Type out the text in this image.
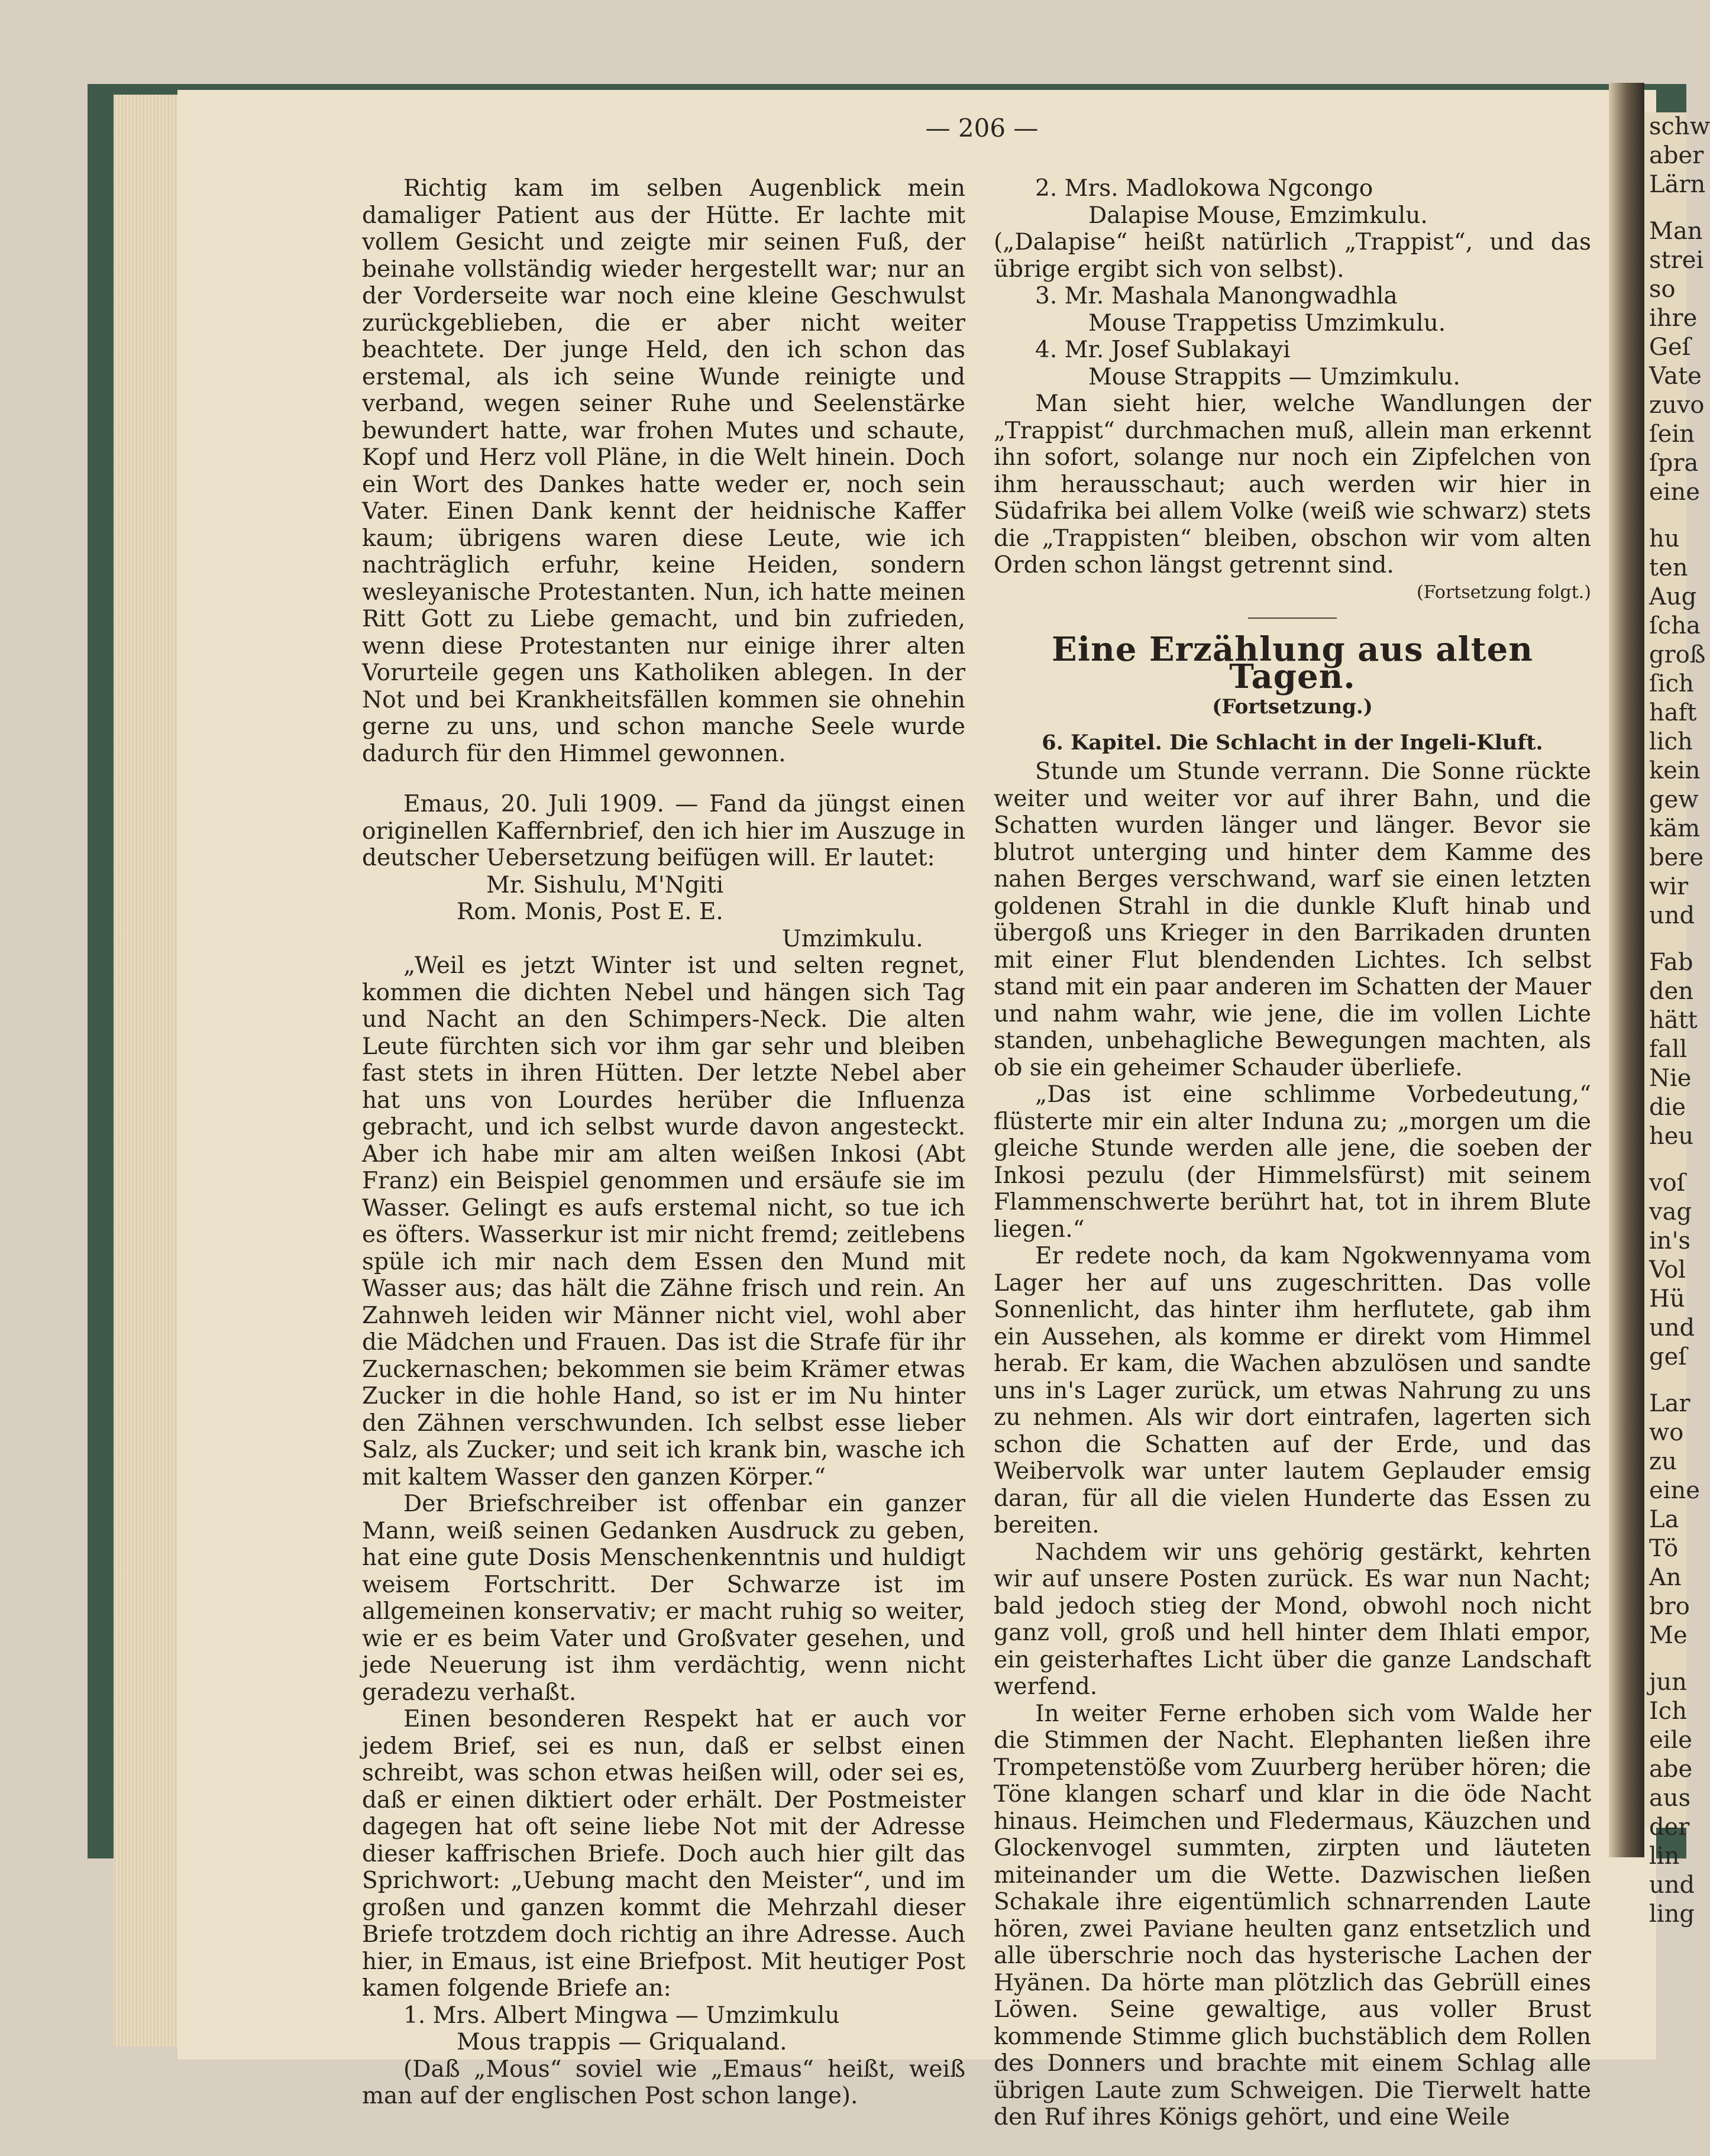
schw
aber
Lärn
Man
strei
so
ihre
Geſ
Vate
zuvo
ſein
ſpra
eine
hu
ten
Aug
ſcha
groß
ſich
haft
lich
kein
gew
käm
bere
wir
und
Fab
den
hätt
fall
Nie
die
heu
voſ
vag
in's
Vol
Hü
und
geſ
Lar
wo
zu
eine
La
Tö
An
bro
Me
jun
Ich
eile
abe
aus
der
lin
und
ling
— 206 —

Richtig kam im selben Augenblick mein damaliger Patient aus der Hütte. Er lachte mit vollem Gesicht und zeigte mir seinen Fuß, der beinahe vollständig wieder hergestellt war; nur an der Vorderseite war noch eine kleine Geschwulst zurückgeblieben, die er aber nicht weiter beachtete. Der junge Held, den ich schon das erstemal, als ich seine Wunde reinigte und verband, wegen seiner Ruhe und Seelenstärke bewundert hatte, war frohen Mutes und schaute, Kopf und Herz voll Pläne, in die Welt hinein. Doch ein Wort des Dankes hatte weder er, noch sein Vater. Einen Dank kennt der heidnische Kaffer kaum; übrigens waren diese Leute, wie ich nachträglich erfuhr, keine Heiden, sondern wesleyanische Protestanten. Nun, ich hatte meinen Ritt Gott zu Liebe gemacht, und bin zufrieden, wenn diese Protestanten nur einige ihrer alten Vorurteile gegen uns Katholiken ablegen. In der Not und bei Krankheitsfällen kommen sie ohnehin gerne zu uns, und schon manche Seele wurde dadurch für den Himmel gewonnen.

Emaus, 20. Juli 1909. — Fand da jüngst einen originellen Kaffernbrief, den ich hier im Auszuge in deutscher Uebersetzung beifügen will. Er lautet:

Mr. Sishulu, M'Ngiti

Rom. Monis, Post E. E.

Umzimkulu.

„Weil es jetzt Winter ist und selten regnet, kommen die dichten Nebel und hängen sich Tag und Nacht an den Schimpers-Neck. Die alten Leute fürchten sich vor ihm gar sehr und bleiben fast stets in ihren Hütten. Der letzte Nebel aber hat uns von Lourdes herüber die Influenza gebracht, und ich selbst wurde davon angesteckt. Aber ich habe mir am alten weißen Inkosi (Abt Franz) ein Beispiel genommen und ersäufe sie im Wasser. Gelingt es aufs erstemal nicht, so tue ich es öfters. Wasserkur ist mir nicht fremd; zeitlebens spüle ich mir nach dem Essen den Mund mit Wasser aus; das hält die Zähne frisch und rein. An Zahnweh leiden wir Männer nicht viel, wohl aber die Mädchen und Frauen. Das ist die Strafe für ihr Zuckernaschen; bekommen sie beim Krämer etwas Zucker in die hohle Hand, so ist er im Nu hinter den Zähnen verschwunden. Ich selbst esse lieber Salz, als Zucker; und seit ich krank bin, wasche ich mit kaltem Wasser den ganzen Körper.“

Der Briefschreiber ist offenbar ein ganzer Mann, weiß seinen Gedanken Ausdruck zu geben, hat eine gute Dosis Menschenkenntnis und huldigt weisem Fortschritt. Der Schwarze ist im allgemeinen konservativ; er macht ruhig so weiter, wie er es beim Vater und Großvater gesehen, und jede Neuerung ist ihm verdächtig, wenn nicht geradezu verhaßt.

Einen besonderen Respekt hat er auch vor jedem Brief, sei es nun, daß er selbst einen schreibt, was schon etwas heißen will, oder sei es, daß er einen diktiert oder erhält. Der Postmeister dagegen hat oft seine liebe Not mit der Adresse dieser kaffrischen Briefe. Doch auch hier gilt das Sprichwort: „Uebung macht den Meister“, und im großen und ganzen kommt die Mehrzahl dieser Briefe trotzdem doch richtig an ihre Adresse. Auch hier, in Emaus, ist eine Briefpost. Mit heutiger Post kamen folgende Briefe an:

1. Mrs. Albert Mingwa — Umzimkulu

Mous trappis — Griqualand.

(Daß „Mous“ soviel wie „Emaus“ heißt, weiß man auf der englischen Post schon lange).

2. Mrs. Madlokowa Ngcongo

Dalapise Mouse, Emzimkulu.

(„Dalapise“ heißt natürlich „Trappist“, und das übrige ergibt sich von selbst).

3. Mr. Mashala Manongwadhla

Mouse Trappetiss Umzimkulu.

4. Mr. Josef Sublakayi

Mouse Strappits — Umzimkulu.

Man sieht hier, welche Wandlungen der „Trappist“ durchmachen muß, allein man erkennt ihn sofort, solange nur noch ein Zipfelchen von ihm herausschaut; auch werden wir hier in Südafrika bei allem Volke (weiß wie schwarz) stets die „Trappisten“ bleiben, obschon wir vom alten Orden schon längst getrennt sind.

(Fortsetzung folgt.)

Eine Erzählung aus alten Tagen.
(Fortsetzung.)
6. Kapitel. Die Schlacht in der Ingeli-Kluft.

Stunde um Stunde verrann. Die Sonne rückte weiter und weiter vor auf ihrer Bahn, und die Schatten wurden länger und länger. Bevor sie blutrot unterging und hinter dem Kamme des nahen Berges verschwand, warf sie einen letzten goldenen Strahl in die dunkle Kluft hinab und übergoß uns Krieger in den Barrikaden drunten mit einer Flut blendenden Lichtes. Ich selbst stand mit ein paar anderen im Schatten der Mauer und nahm wahr, wie jene, die im vollen Lichte standen, unbehagliche Bewegungen machten, als ob sie ein geheimer Schauder überliefe.

„Das ist eine schlimme Vorbedeutung,“ flüsterte mir ein alter Induna zu; „morgen um die gleiche Stunde werden alle jene, die soeben der Inkosi pezulu (der Himmelsfürst) mit seinem Flammenschwerte berührt hat, tot in ihrem Blute liegen.“

Er redete noch, da kam Ngokwennyama vom Lager her auf uns zugeschritten. Das volle Sonnenlicht, das hinter ihm herflutete, gab ihm ein Aussehen, als komme er direkt vom Himmel herab. Er kam, die Wachen abzulösen und sandte uns in's Lager zurück, um etwas Nahrung zu uns zu nehmen. Als wir dort eintrafen, lagerten sich schon die Schatten auf der Erde, und das Weibervolk war unter lautem Geplauder emsig daran, für all die vielen Hunderte das Essen zu bereiten.

Nachdem wir uns gehörig gestärkt, kehrten wir auf unsere Posten zurück. Es war nun Nacht; bald jedoch stieg der Mond, obwohl noch nicht ganz voll, groß und hell hinter dem Ihlati empor, ein geisterhaftes Licht über die ganze Landschaft werfend.

In weiter Ferne erhoben sich vom Walde her die Stimmen der Nacht. Elephanten ließen ihre Trompetenstöße vom Zuurberg herüber hören; die Töne klangen scharf und klar in die öde Nacht hinaus. Heimchen und Fledermaus, Käuzchen und Glockenvogel summten, zirpten und läuteten miteinander um die Wette. Dazwischen ließen Schakale ihre eigentümlich schnarrenden Laute hören, zwei Paviane heulten ganz entsetzlich und alle überschrie noch das hysterische Lachen der Hyänen. Da hörte man plötzlich das Gebrüll eines Löwen. Seine gewaltige, aus voller Brust kommende Stimme glich buchstäblich dem Rollen des Donners und brachte mit einem Schlag alle übrigen Laute zum Schweigen. Die Tierwelt hatte den Ruf ihres Königs gehört, und eine Weile
